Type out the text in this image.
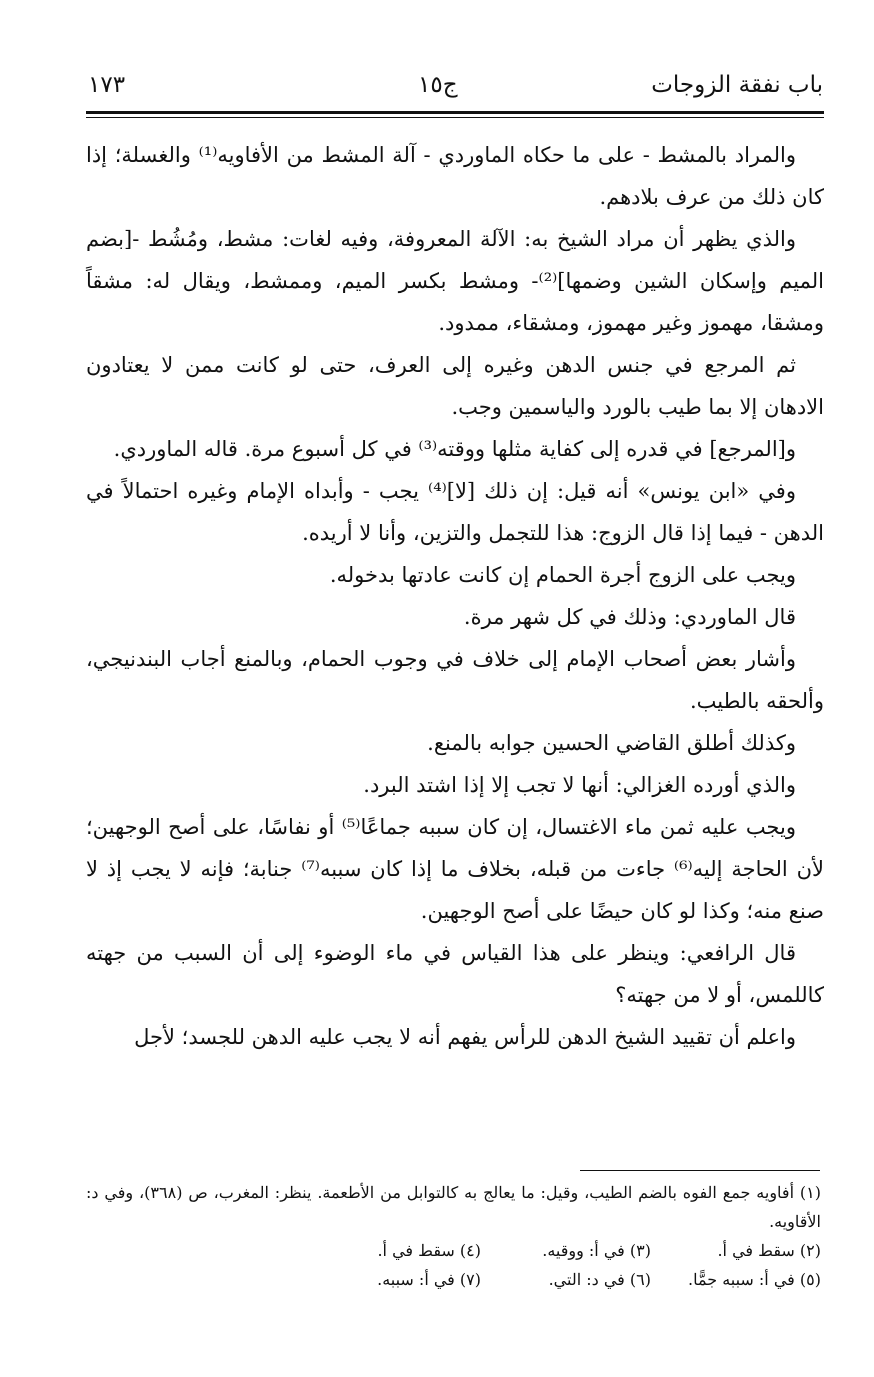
باب نفقة الزوجات
ج١٥
١٧٣

والمراد بالمشط - على ما حكاه الماوردي - آلة المشط من الأفاويه⁽¹⁾ والغسلة؛ إذا كان ذلك من عرف بلادهم.

والذي يظهر أن مراد الشيخ به: الآلة المعروفة، وفيه لغات: مشط، ومُشُط -[بضم الميم وإسكان الشين وضمها]⁽²⁾- ومشط بكسر الميم، وممشط، ويقال له: مشقاً ومشقا، مهموز وغير مهموز، ومشقاء، ممدود.

ثم المرجع في جنس الدهن وغيره إلى العرف، حتى لو كانت ممن لا يعتادون الادهان إلا بما طيب بالورد والياسمين وجب.

و[المرجع] في قدره إلى كفاية مثلها ووقته⁽³⁾ في كل أسبوع مرة. قاله الماوردي.

وفي «ابن يونس» أنه قيل: إن ذلك [لا]⁽⁴⁾ يجب - وأبداه الإمام وغيره احتمالاً في الدهن - فيما إذا قال الزوج: هذا للتجمل والتزين، وأنا لا أريده.

ويجب على الزوج أجرة الحمام إن كانت عادتها بدخوله.

قال الماوردي: وذلك في كل شهر مرة.

وأشار بعض أصحاب الإمام إلى خلاف في وجوب الحمام، وبالمنع أجاب البندنيجي، وألحقه بالطيب.

وكذلك أطلق القاضي الحسين جوابه بالمنع.

والذي أورده الغزالي: أنها لا تجب إلا إذا اشتد البرد.

ويجب عليه ثمن ماء الاغتسال، إن كان سببه جماعًا⁽⁵⁾ أو نفاسًا، على أصح الوجهين؛ لأن الحاجة إليه⁽⁶⁾ جاءت من قبله، بخلاف ما إذا كان سببه⁽⁷⁾ جنابة؛ فإنه لا يجب إذ لا صنع منه؛ وكذا لو كان حيضًا على أصح الوجهين.

قال الرافعي: وينظر على هذا القياس في ماء الوضوء إلى أن السبب من جهته كاللمس، أو لا من جهته؟

واعلم أن تقييد الشيخ الدهن للرأس يفهم أنه لا يجب عليه الدهن للجسد؛ لأجل

(١) أفاويه جمع الفوه بالضم الطيب، وقيل: ما يعالج به كالتوابل من الأطعمة. ينظر: المغرب، ص (٣٦٨)، وفي د: الأقاويه.

(٢) سقط في أ.
(٣) في أ: ووقيه.
(٤) سقط في أ.
(٥) في أ: سببه جمًّا.
(٦) في د: التي.
(٧) في أ: سببه.
